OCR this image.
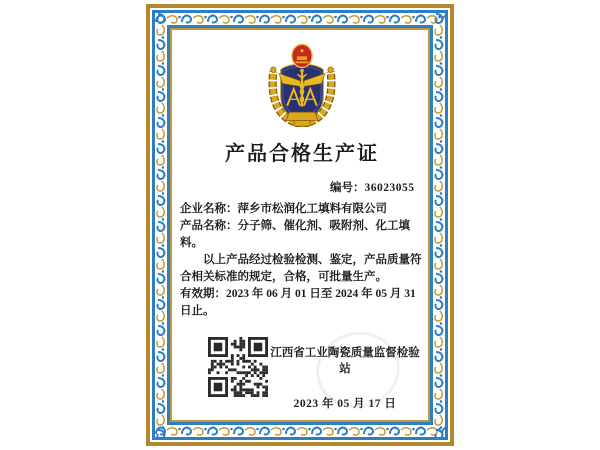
产品合格生产证
编号：36023055

企业名称：萍乡市松润化工填料有限公司

产品名称：分子筛、催化剂、吸附剂、化工填料。

以上产品经过检验检测、鉴定，产品质量符合相关标准的规定，合格，可批量生产。

有效期：2023 年 06 月 01 日至 2024 年 05 月 31 日止。

江西省工业陶瓷质量监督检验站
2023 年 05 月 17 日
